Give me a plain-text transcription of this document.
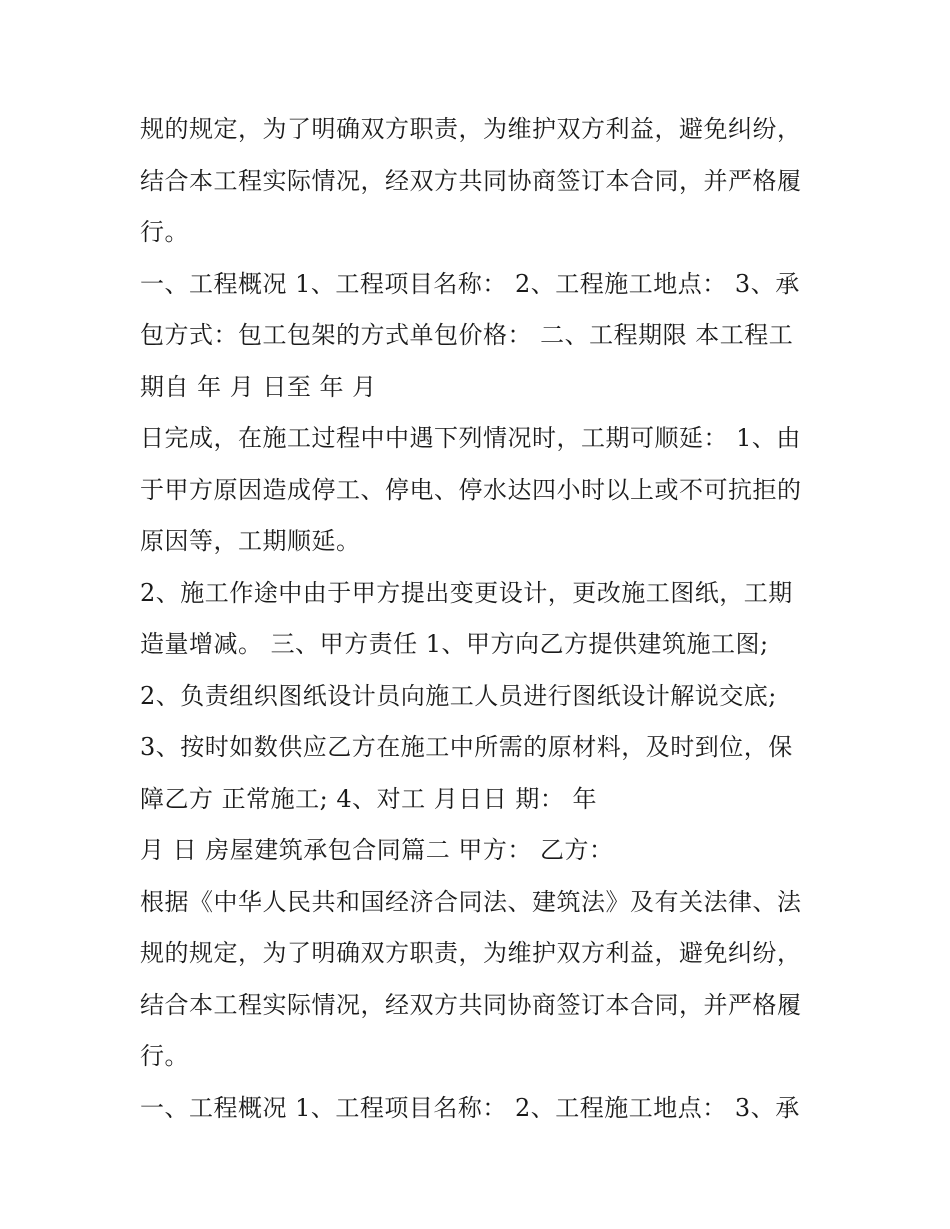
规的规定，为了明确双方职责，为维护双方利益，避免纠纷，
结合本工程实际情况，经双方共同协商签订本合同，并严格履
行。
一、工程概况 1、工程项目名称： 2、工程施工地点： 3、承
包方式：包工包架的方式单包价格： 二、工程期限 本工程工
期自 年 月 日至 年 月
日完成，在施工过程中中遇下列情况时，工期可顺延： 1、由
于甲方原因造成停工、停电、停水达四小时以上或不可抗拒的
原因等，工期顺延。
2、施工作途中由于甲方提出变更设计，更改施工图纸，工期
造量增减。 三、甲方责任 1、甲方向乙方提供建筑施工图;
2、负责组织图纸设计员向施工人员进行图纸设计解说交底;
3、按时如数供应乙方在施工中所需的原材料，及时到位，保
障乙方 正常施工; 4、对工 月日日 期： 年
月 日 房屋建筑承包合同篇二 甲方： 乙方：
根据《中华人民共和国经济合同法、建筑法》及有关法律、法
规的规定，为了明确双方职责，为维护双方利益，避免纠纷，
结合本工程实际情况，经双方共同协商签订本合同，并严格履
行。
一、工程概况 1、工程项目名称： 2、工程施工地点： 3、承
